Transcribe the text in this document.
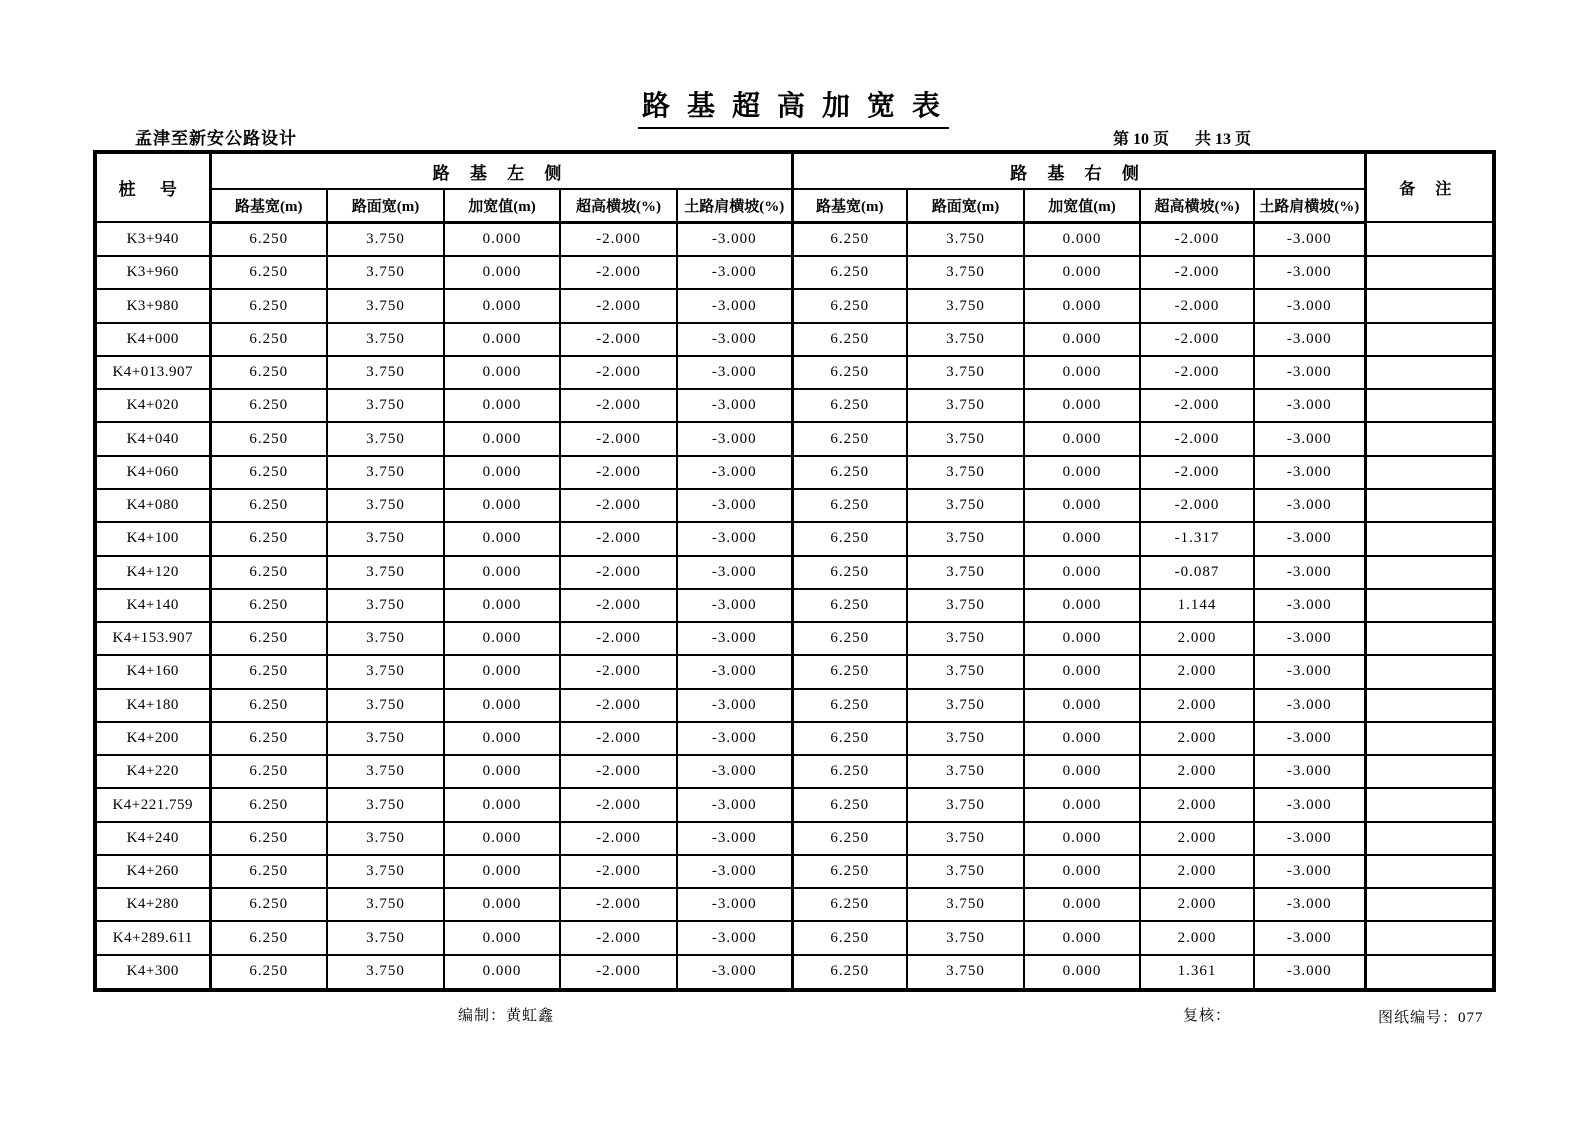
路 基 超 高 加 宽 表
孟津至新安公路设计	第 10 页 共 13 页
桩 号	路 基 左 侧					路 基 右 侧					备 注
	路基宽(m)	路面宽(m)	加宽值(m)	超高横坡(%)	土路肩横坡(%)	路基宽(m)	路面宽(m)	加宽值(m)	超高横坡(%)	土路肩横坡(%)	
K3+940	6.250	3.750	0.000	-2.000	-3.000	6.250	3.750	0.000	-2.000	-3.000	
K3+960	6.250	3.750	0.000	-2.000	-3.000	6.250	3.750	0.000	-2.000	-3.000	
K3+980	6.250	3.750	0.000	-2.000	-3.000	6.250	3.750	0.000	-2.000	-3.000	
K4+000	6.250	3.750	0.000	-2.000	-3.000	6.250	3.750	0.000	-2.000	-3.000	
K4+013.907	6.250	3.750	0.000	-2.000	-3.000	6.250	3.750	0.000	-2.000	-3.000	
K4+020	6.250	3.750	0.000	-2.000	-3.000	6.250	3.750	0.000	-2.000	-3.000	
K4+040	6.250	3.750	0.000	-2.000	-3.000	6.250	3.750	0.000	-2.000	-3.000	
K4+060	6.250	3.750	0.000	-2.000	-3.000	6.250	3.750	0.000	-2.000	-3.000	
K4+080	6.250	3.750	0.000	-2.000	-3.000	6.250	3.750	0.000	-2.000	-3.000	
K4+100	6.250	3.750	0.000	-2.000	-3.000	6.250	3.750	0.000	-1.317	-3.000	
K4+120	6.250	3.750	0.000	-2.000	-3.000	6.250	3.750	0.000	-0.087	-3.000	
K4+140	6.250	3.750	0.000	-2.000	-3.000	6.250	3.750	0.000	1.144	-3.000	
K4+153.907	6.250	3.750	0.000	-2.000	-3.000	6.250	3.750	0.000	2.000	-3.000	
K4+160	6.250	3.750	0.000	-2.000	-3.000	6.250	3.750	0.000	2.000	-3.000	
K4+180	6.250	3.750	0.000	-2.000	-3.000	6.250	3.750	0.000	2.000	-3.000	
K4+200	6.250	3.750	0.000	-2.000	-3.000	6.250	3.750	0.000	2.000	-3.000	
K4+220	6.250	3.750	0.000	-2.000	-3.000	6.250	3.750	0.000	2.000	-3.000	
K4+221.759	6.250	3.750	0.000	-2.000	-3.000	6.250	3.750	0.000	2.000	-3.000	
K4+240	6.250	3.750	0.000	-2.000	-3.000	6.250	3.750	0.000	2.000	-3.000	
K4+260	6.250	3.750	0.000	-2.000	-3.000	6.250	3.750	0.000	2.000	-3.000	
K4+280	6.250	3.750	0.000	-2.000	-3.000	6.250	3.750	0.000	2.000	-3.000	
K4+289.611	6.250	3.750	0.000	-2.000	-3.000	6.250	3.750	0.000	2.000	-3.000	
K4+300	6.250	3.750	0.000	-2.000	-3.000	6.250	3.750	0.000	1.361	-3.000	
编制：黄虹鑫	复核：	图纸编号：077
